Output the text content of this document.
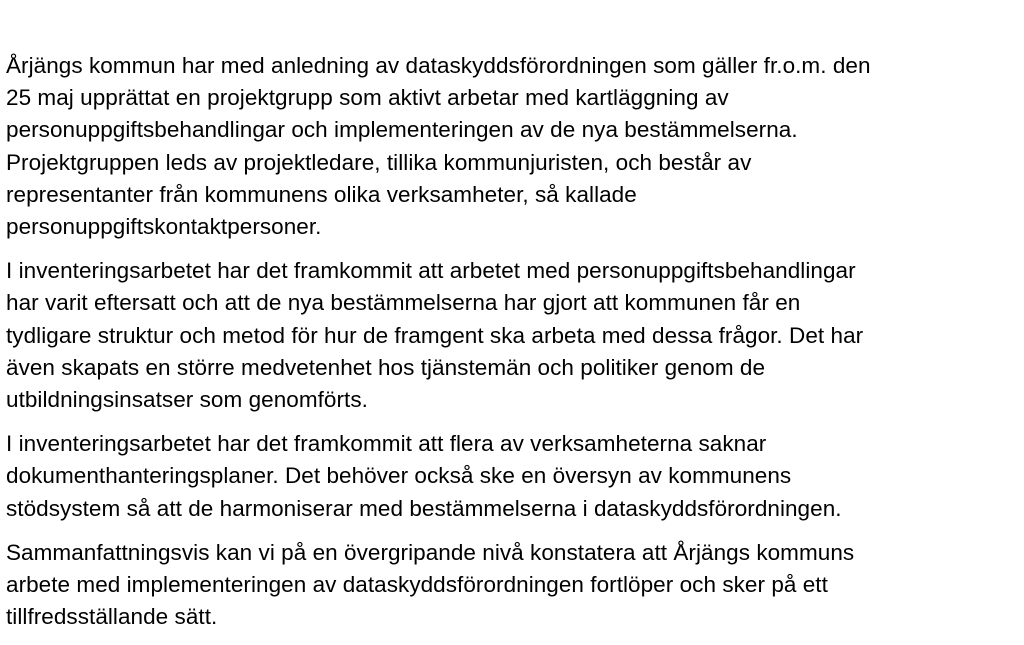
Årjängs kommun har med anledning av dataskyddsförordningen som gäller fr.o.m. den
25 maj upprättat en projektgrupp som aktivt arbetar med kartläggning av
personuppgiftsbehandlingar och implementeringen av de nya bestämmelserna.
Projektgruppen leds av projektledare, tillika kommunjuristen, och består av
representanter från kommunens olika verksamheter, så kallade
personuppgiftskontaktpersoner.

I inventeringsarbetet har det framkommit att arbetet med personuppgiftsbehandlingar
har varit eftersatt och att de nya bestämmelserna har gjort att kommunen får en
tydligare struktur och metod för hur de framgent ska arbeta med dessa frågor. Det har
även skapats en större medvetenhet hos tjänstemän och politiker genom de
utbildningsinsatser som genomförts.

I inventeringsarbetet har det framkommit att flera av verksamheterna saknar
dokumenthanteringsplaner. Det behöver också ske en översyn av kommunens
stödsystem så att de harmoniserar med bestämmelserna i dataskyddsförordningen.

Sammanfattningsvis kan vi på en övergripande nivå konstatera att Årjängs kommuns
arbete med implementeringen av dataskyddsförordningen fortlöper och sker på ett
tillfredsställande sätt.
